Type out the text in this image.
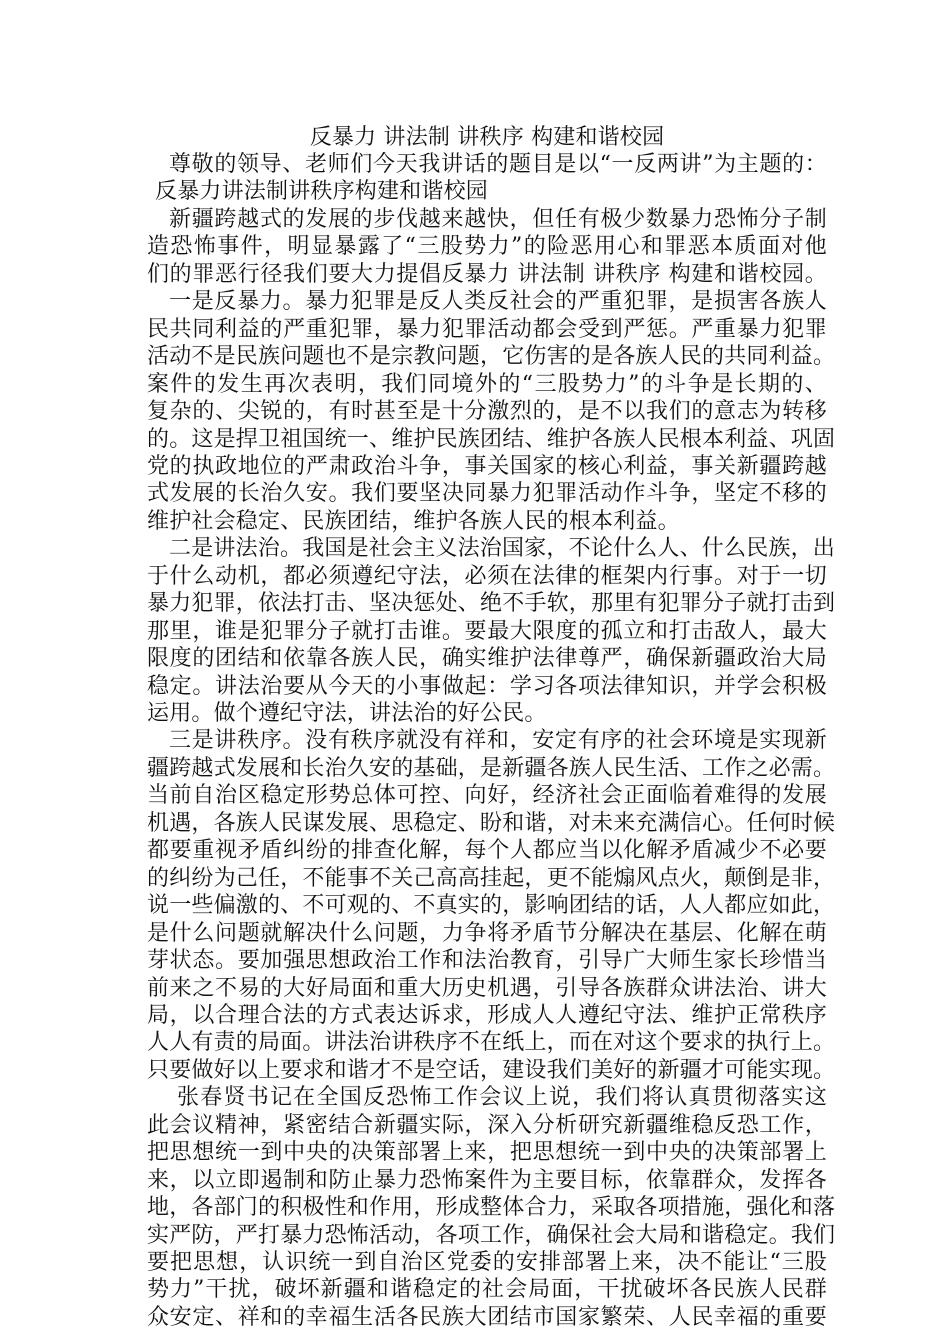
反暴力 讲法制 讲秩序 构建和谐校园
尊敬的领导、老师们今天我讲话的题目是以“一反两讲”为主题的：
反暴力讲法制讲秩序构建和谐校园
新疆跨越式的发展的步伐越来越快，但任有极少数暴力恐怖分子制
造恐怖事件，明显暴露了“三股势力”的险恶用心和罪恶本质面对他
们的罪恶行径我们要大力提倡反暴力 讲法制 讲秩序 构建和谐校园。
一是反暴力。暴力犯罪是反人类反社会的严重犯罪，是损害各族人
民共同利益的严重犯罪，暴力犯罪活动都会受到严惩。严重暴力犯罪
活动不是民族问题也不是宗教问题，它伤害的是各族人民的共同利益。
案件的发生再次表明，我们同境外的“三股势力”的斗争是长期的、
复杂的、尖锐的，有时甚至是十分激烈的，是不以我们的意志为转移
的。这是捍卫祖国统一、维护民族团结、维护各族人民根本利益、巩固
党的执政地位的严肃政治斗争，事关国家的核心利益，事关新疆跨越
式发展的长治久安。我们要坚决同暴力犯罪活动作斗争，坚定不移的
维护社会稳定、民族团结，维护各族人民的根本利益。
二是讲法治。我国是社会主义法治国家，不论什么人、什么民族，出
于什么动机，都必须遵纪守法，必须在法律的框架内行事。对于一切
暴力犯罪，依法打击、坚决惩处、绝不手软，那里有犯罪分子就打击到
那里，谁是犯罪分子就打击谁。要最大限度的孤立和打击敌人，最大
限度的团结和依靠各族人民，确实维护法律尊严，确保新疆政治大局
稳定。讲法治要从今天的小事做起：学习各项法律知识，并学会积极
运用。做个遵纪守法，讲法治的好公民。
三是讲秩序。没有秩序就没有祥和，安定有序的社会环境是实现新
疆跨越式发展和长治久安的基础，是新疆各族人民生活、工作之必需。
当前自治区稳定形势总体可控、向好，经济社会正面临着难得的发展
机遇，各族人民谋发展、思稳定、盼和谐，对未来充满信心。任何时候
都要重视矛盾纠纷的排查化解，每个人都应当以化解矛盾减少不必要
的纠纷为己任，不能事不关己高高挂起，更不能煽风点火，颠倒是非，
说一些偏激的、不可观的、不真实的，影响团结的话，人人都应如此，
是什么问题就解决什么问题，力争将矛盾节分解决在基层、化解在萌
芽状态。要加强思想政治工作和法治教育，引导广大师生家长珍惜当
前来之不易的大好局面和重大历史机遇，引导各族群众讲法治、讲大
局，以合理合法的方式表达诉求，形成人人遵纪守法、维护正常秩序
人人有责的局面。讲法治讲秩序不在纸上，而在对这个要求的执行上。
只要做好以上要求和谐才不是空话，建设我们美好的新疆才可能实现。
张春贤书记在全国反恐怖工作会议上说，我们将认真贯彻落实这
此会议精神，紧密结合新疆实际，深入分析研究新疆维稳反恐工作，
把思想统一到中央的决策部署上来，把思想统一到中央的决策部署上
来，以立即遏制和防止暴力恐怖案件为主要目标，依靠群众，发挥各
地，各部门的积极性和作用，形成整体合力，采取各项措施，强化和落
实严防，严打暴力恐怖活动，各项工作，确保社会大局和谐稳定。我们
要把思想，认识统一到自治区党委的安排部署上来，决不能让“三股
势力”干扰，破坏新疆和谐稳定的社会局面，干扰破坏各民族人民群
众安定、祥和的幸福生活各民族大团结市国家繁荣、人民幸福的重要
